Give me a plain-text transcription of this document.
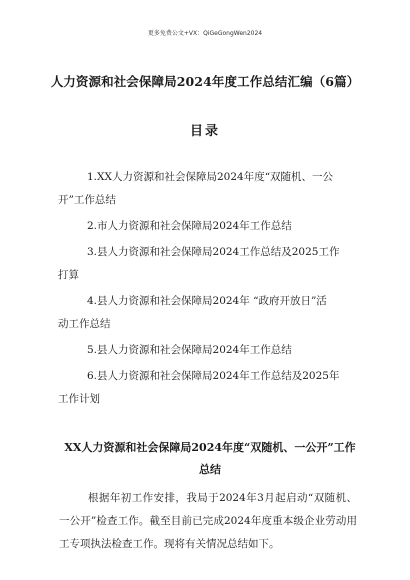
更多免费公文+VX：QiGeGongWen2024
人力资源和社会保障局2024年度工作总结汇编（6篇）
目录
1.XX人力资源和社会保障局2024年度“双随机、一公
开”工作总结
2.市人力资源和社会保障局2024年工作总结
3.县人力资源和社会保障局2024工作总结及2025工作
打算
4.县人力资源和社会保障局2024年 “政府开放日”活
动工作总结
5.县人力资源和社会保障局2024年工作总结
6.县人力资源和社会保障局2024年工作总结及2025年
工作计划
XX人力资源和社会保障局2024年度“双随机、一公开”工作总结

根据年初工作安排，我局于2024年3月起启动“双随机、一公开”检查工作。截至目前已完成2024年度重本级企业劳动用工专项执法检查工作。现将有关情况总结如下。
